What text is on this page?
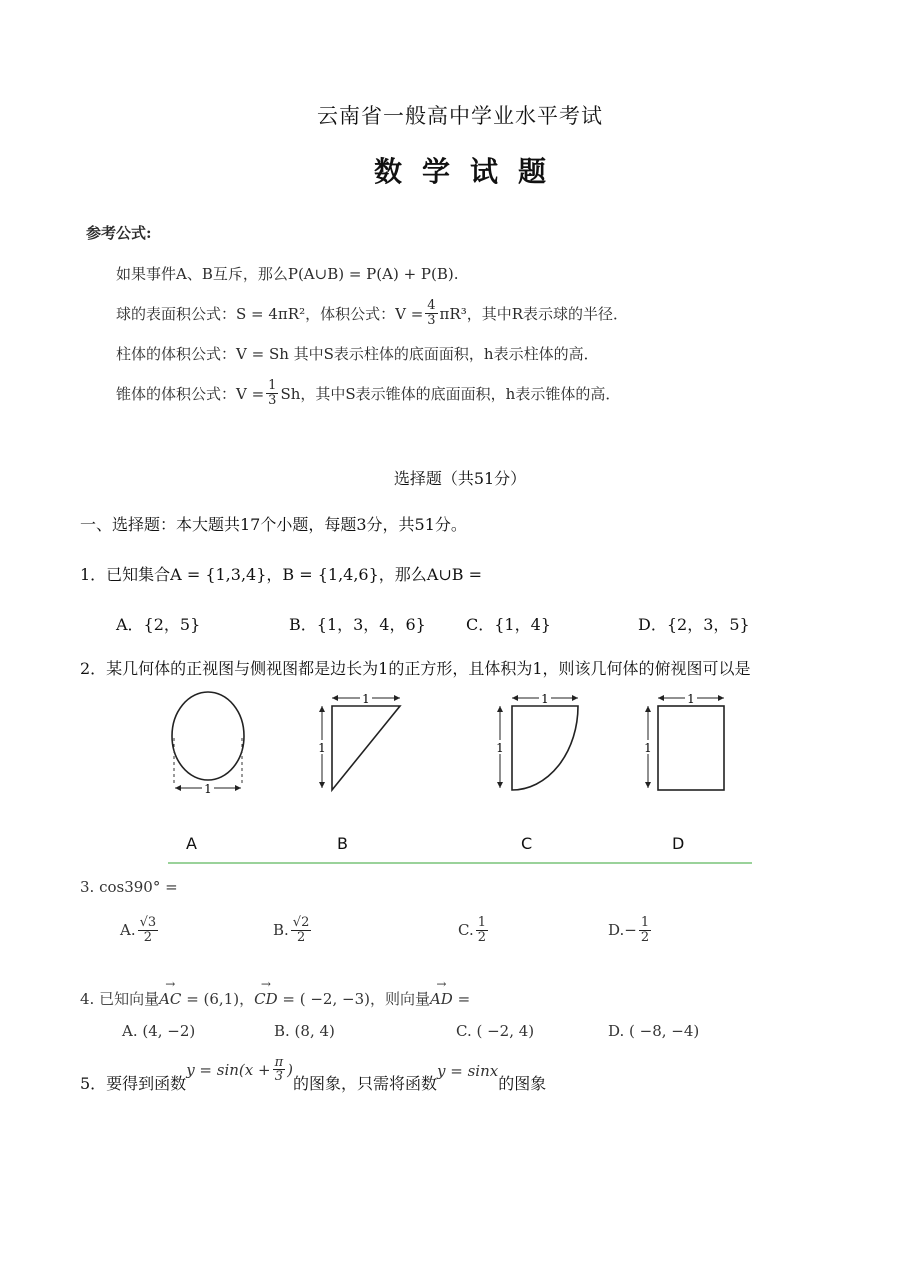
云南省一般高中学业水平考试
数学试题
参考公式:
如果事件A、B互斥，那么P(A∪B) = P(A) + P(B).
球的表面积公式：S = 4πR²，体积公式：$V = \frac{4}{3} \pi R^3$，其中R表示球的半径．
柱体的体积公式：V = Sh 其中S表示柱体的底面面积，h表示柱体的高．
锥体的体积公式：$V = \frac{1}{3}$ Sh，其中S表示锥体的底面面积，h表示锥体的高．
选择题（共51分）
一、选择题：本大题共17个小题，每题3分，共51分。
1．已知集合A = {1,3,4}，B = {1,4,6}，那么A∪B =
A．{2，5}	B．{1，3，4，6}	C．{1，4}	D．{2，3，5}
2．某几何体的正视图与侧视图都是边长为1的正方形，且体积为1，则该几何体的俯视图可以是
1
1
1
1
1
1
1
A	B	C	D
3. cos390° =
A. $\frac{√3}{2}$	B. $\frac{√2}{2}$	C. $\frac{1}{2}$	D. − $\frac{1}{2}$
4. 已知向量→ AC = (6,1)，→ CD = ( −2, −3)，则向量→ AD =
A. (4, −2)	B. (8, 4)	C. ( −2, 4)	D. ( −8, −4)
5．要得到函数
$y = \sin(x + \frac{\pi}{3}$ )
的图象，只需将函数
y = sinx
的图象
